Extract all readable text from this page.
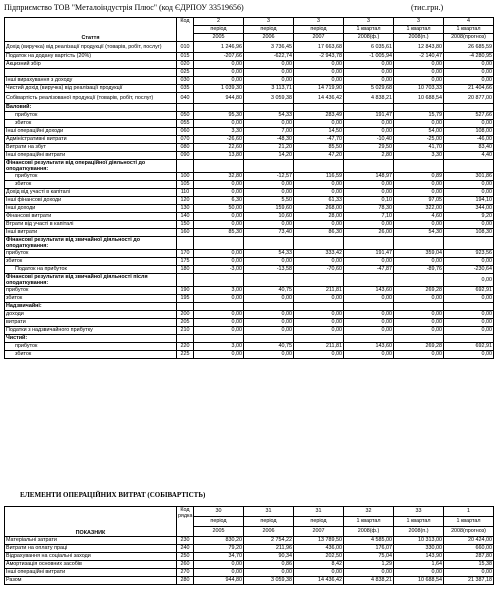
Підприємство ТОВ "Металоіндустрія Плюс" (код ЄДРПОУ 33519656)	(тис.грн.)
Стаття	Код	2	3	3	3	3	4
		період	період	період	1 квартал	1 квартал	1 квартал
		2005	2006	2007	2008(ф.)	2008(п.)	2008(прогноз)
Дохід (виручка) від реалізації продукції (товарів, робіт, послуг)	010	1 246,96	3 736,45	17 663,68	6 035,61	12 843,80	26 685,59
Податок на додану вартість (20%)	015	-207,66	-622,74	-2 943,78	-1 005,94	-2 140,47	-4 280,95
Акцизний збір	020	0,00	0,00	0,00	0,00	0,00	0,00
	025	0,00	0,00	0,00	0,00	0,00	0,00
Інші вирахування з доходу	030	0,00	0,00	0,00	0,00	0,00	0,00
Чистий дохід (виручка) від реалізації продукції	035	1 039,30	3 113,71	14 719,90	5 029,68	10 703,33	21 404,66
Собівартість реалізованої продукції (товарів, робіт, послуг)	040	944,80	3 059,38	14 436,42	4 838,21	10 688,54	20 877,00
Валовий:							
прибуток	050	95,30	54,33	283,49	191,47	15,79	527,66
збиток	055	0,00	0,00	0,00	0,00	0,00	0,00
Інші операційні доходи	060	3,30	7,00	14,50	0,00	54,00	108,00
Адміністративні витрати	070	-26,60	-48,30	-47,70	-10,40	-25,00	-46,00
Витрати на збут	080	22,60	21,20	85,50	29,50	41,70	83,40
Інші операційні витрати	090	13,80	14,20	47,20	2,80	3,30	4,40
Фінансові результати від операційної діяльності до оподаткування:							
прибуток	100	32,80	-12,57	116,59	148,97	0,89	301,86
збиток	105	0,00	0,00	0,00	0,00	0,00	0,00
Дохід від участі в капіталі	110	0,00	0,00	0,00	0,00	0,00	0,00
Інші фінансові доходи	120	6,30	5,50	61,33	0,10	97,05	194,10
Інші доходи	130	50,00	159,60	268,00	78,30	322,00	344,00
Фінансові витрати	140	0,00	10,60	28,00	7,10	4,60	9,20
Втрати від участі в капіталі	150	0,00	0,00	0,00	0,00	0,00	0,00
Інші витрати	160	85,30	73,40	86,30	26,00	54,30	108,30
Фінансові результати від звичайної діяльності до оподаткування:							
прибуток	170	0,00	54,33	333,42	191,47	359,04	923,56
збиток	175	0,00	0,00	0,00	0,00	0,00	0,00
Податок на прибуток	180	-3,00	-13,58	-70,60	-47,87	-89,76	-230,64
Фінансові результати від звичайної діяльності після оподаткування:							0,00
прибуток	190	3,00	40,75	211,81	143,60	269,28	692,91
збиток	195	0,00	0,00	0,00	0,00	0,00	0,00
Надзвичайні:							
доходи	200	0,00	0,00	0,00	0,00	0,00	0,00
витрати	205	0,00	0,00	0,00	0,00	0,00	0,00
Податки з надзвичайного прибутку	210	0,00	0,00	0,00	0,00	0,00	0,00
Чистий:							
прибуток	220	3,00	40,75	211,81	143,60	269,28	692,91
збиток	225	0,00	0,00	0,00	0,00	0,00	0,00
ЕЛЕМЕНТИ ОПЕРАЦІЙНИХ ВИТРАТ (СОБІВАРТІСТЬ)
ПОКАЗНИК	Код рядка	30	31	31	32	33	1
		період	період	період	1 квартал	1 квартал	1 квартал
		2005	2006	2007	2008(ф.)	2008(п.)	2008(прогноз)
Матеріальні затрати	230	830,20	2 754,22	13 789,50	4 585,00	10 313,00	20 424,00
Витрати на оплату праці	240	79,20	211,96	436,00	176,07	330,00	660,00
Відрахування на соціальні заходи	250	34,70	90,34	202,50	75,04	143,90	287,80
Амортизація основних засобів	260	0,00	0,86	8,42	1,29	1,64	15,38
Інші операційні витрати	270	0,00	0,00	0,00	0,00	0,00	0,00
Разом	280	944,80	3 059,38	14 436,42	4 838,21	10 688,54	21 387,18
